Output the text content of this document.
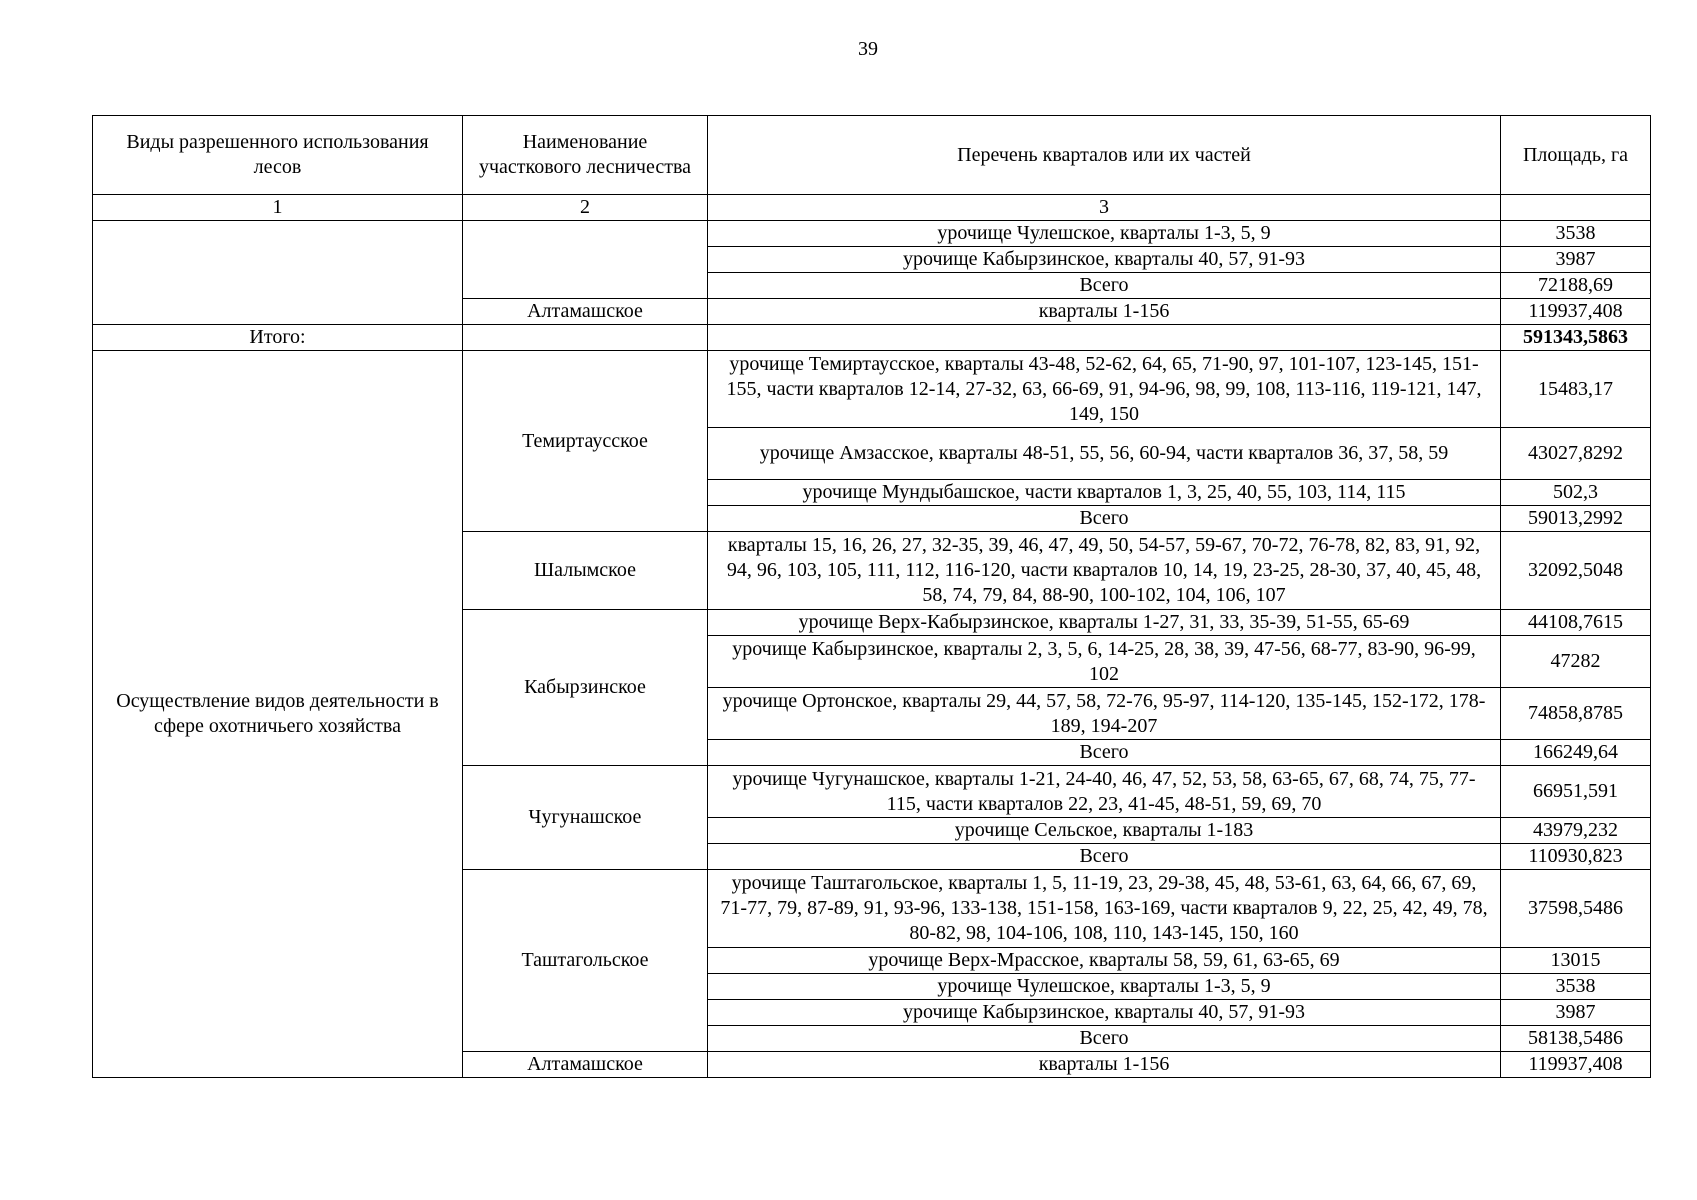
39
Виды разрешенного использования лесов	Наименование участкового лесничества	Перечень кварталов или их частей	Площадь, га
1	2	3	
		урочище Чулешское, кварталы 1-3, 5, 9	3538
		урочище Кабырзинское, кварталы 40, 57, 91-93	3987
		Всего	72188,69
	Алтамашское	кварталы 1-156	119937,408
Итого:			591343,5863
Осуществление видов деятельности в сфере охотничьего хозяйства	Темиртаусское	урочище Темиртаусское, кварталы 43-48, 52-62, 64, 65, 71-90, 97, 101-107, 123-145, 151-155, части кварталов 12-14, 27-32, 63, 66-69, 91, 94-96, 98, 99, 108, 113-116, 119-121, 147, 149, 150	15483,17
		урочище Амзасское, кварталы 48-51, 55, 56, 60-94, части кварталов 36, 37, 58, 59	43027,8292
		урочище Мундыбашское, части кварталов 1, 3, 25, 40, 55, 103, 114, 115	502,3
		Всего	59013,2992
	Шалымское	кварталы 15, 16, 26, 27, 32-35, 39, 46, 47, 49, 50, 54-57, 59-67, 70-72, 76-78, 82, 83, 91, 92, 94, 96, 103, 105, 111, 112, 116-120, части кварталов 10, 14, 19, 23-25, 28-30, 37, 40, 45, 48, 58, 74, 79, 84, 88-90, 100-102, 104, 106, 107	32092,5048
	Кабырзинское	урочище Верх-Кабырзинское, кварталы 1-27, 31, 33, 35-39, 51-55, 65-69	44108,7615
		урочище Кабырзинское, кварталы 2, 3, 5, 6, 14-25, 28, 38, 39, 47-56, 68-77, 83-90, 96-99, 102	47282
		урочище Ортонское, кварталы 29, 44, 57, 58, 72-76, 95-97, 114-120, 135-145, 152-172, 178-189, 194-207	74858,8785
		Всего	166249,64
	Чугунашское	урочище Чугунашское, кварталы 1-21, 24-40, 46, 47, 52, 53, 58, 63-65, 67, 68, 74, 75, 77-115, части кварталов 22, 23, 41-45, 48-51, 59, 69, 70	66951,591
		урочище Сельское, кварталы 1-183	43979,232
		Всего	110930,823
	Таштагольское	урочище Таштагольское, кварталы 1, 5, 11-19, 23, 29-38, 45, 48, 53-61, 63, 64, 66, 67, 69, 71-77, 79, 87-89, 91, 93-96, 133-138, 151-158, 163-169, части кварталов 9, 22, 25, 42, 49, 78, 80-82, 98, 104-106, 108, 110, 143-145, 150, 160	37598,5486
		урочище Верх-Мрасское, кварталы 58, 59, 61, 63-65, 69	13015
		урочище Чулешское, кварталы 1-3, 5, 9	3538
		урочище Кабырзинское, кварталы 40, 57, 91-93	3987
		Всего	58138,5486
	Алтамашское	кварталы 1-156	119937,408
